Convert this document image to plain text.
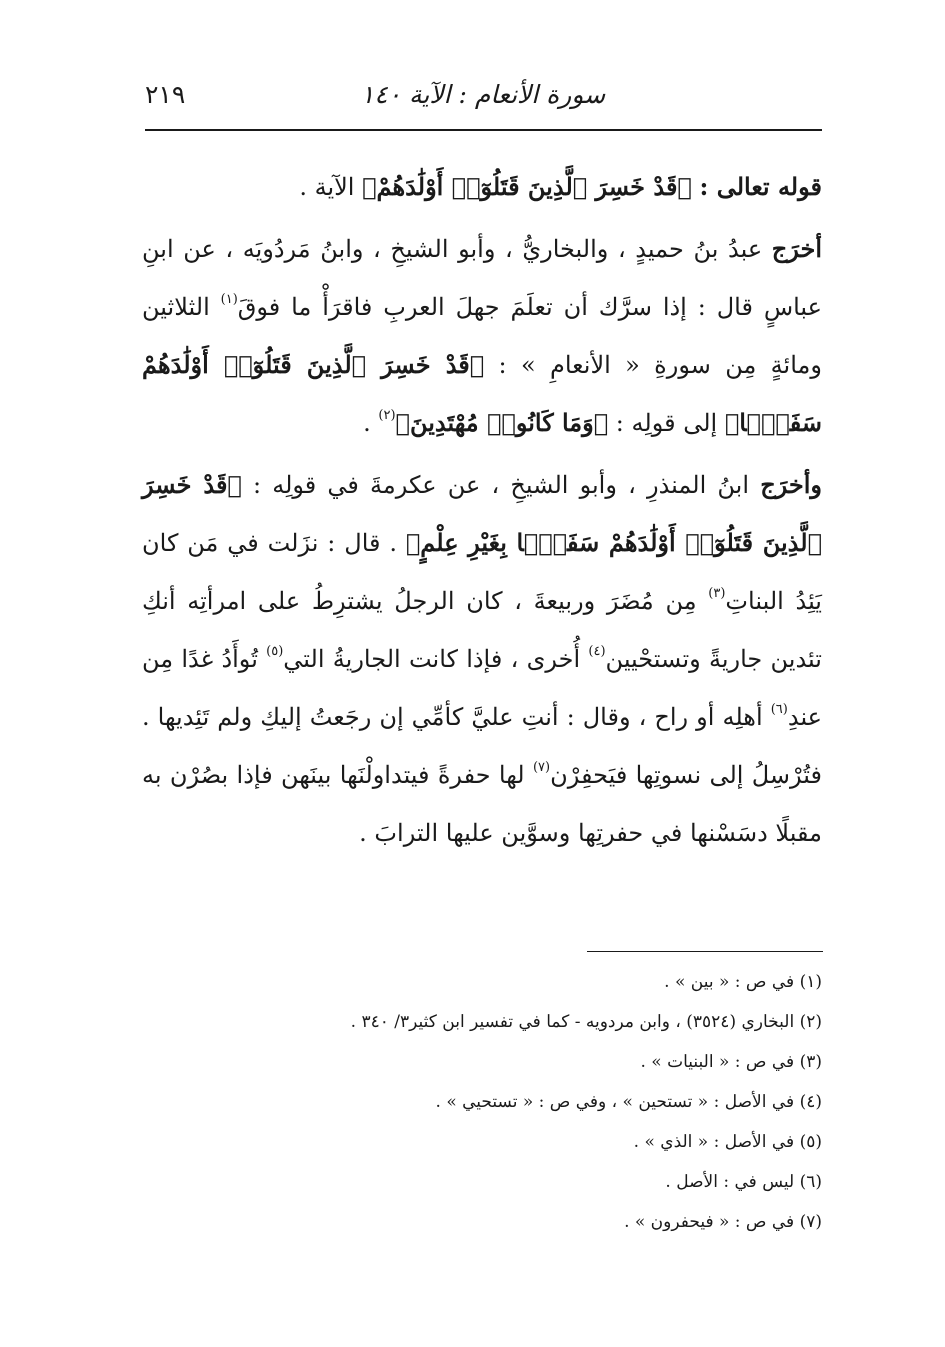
سورة الأنعام : الآية ١٤٠
٢١٩

قوله تعالى : ﴿قَدْ خَسِرَ ٱلَّذِينَ قَتَلُوٓا۟ أَوْلَٰدَهُمْ﴾ الآية .

أخرَج عبدُ بنُ حميدٍ ، والبخاريُّ ، وأبو الشيخِ ، وابنُ مَردُويَه ، عن ابنِ عباسٍ قال : إذا سرَّك أن تعلَمَ جهلَ العربِ فاقرَأْ ما فوقَ$^{(١)}$ الثلاثين ومائةٍ مِن سورةِ « الأنعامِ » : ﴿قَدْ خَسِرَ ٱلَّذِينَ قَتَلُوٓا۟ أَوْلَٰدَهُمْ سَفَهًۢا﴾ إلى قولِه : ﴿وَمَا كَانُوا۟ مُهْتَدِينَ﴾$^{(٢)}$ .

وأخرَج ابنُ المنذرِ ، وأبو الشيخِ ، عن عكرمةَ في قولِه : ﴿قَدْ خَسِرَ ٱلَّذِينَ قَتَلُوٓا۟ أَوْلَٰدَهُمْ سَفَهًۢا بِغَيْرِ عِلْمٍ﴾ . قال : نزَلت في مَن كان يَئِدُ البناتِ$^{(٣)}$ مِن مُضَرَ وربيعةَ ، كان الرجلُ يشترِطُ على امرأتِه أنكِ تئدين جاريةً وتستحْيين$^{(٤)}$ أُخرى ، فإذا كانت الجاريةُ التي$^{(٥)}$ تُوأَدُ غدًا مِن عندِ$^{(٦)}$ أهلِه أو راح ، وقال : أنتِ عليَّ كأمِّي إن رجَعتُ إليكِ ولم تَئِديها . فتُرْسِلُ إلى نسوتِها فيَحفِرْن$^{(٧)}$ لها حفرةً فيتداولْنَها بينَهن فإذا بصُرْن به مقبلًا دسَسْنها في حفرتِها وسوَّين عليها الترابَ .

(١) في ص : « بين » .

(٢) البخاري (٣٥٢٤) ، وابن مردويه - كما في تفسير ابن كثير٣/ ٣٤٠ .

(٣) في ص : « البنيات » .

(٤) في الأصل : « تستحين » ، وفي ص : « تستحيي » .

(٥) في الأصل : « الذي » .

(٦) ليس في : الأصل .

(٧) في ص : « فيحفرون » .
